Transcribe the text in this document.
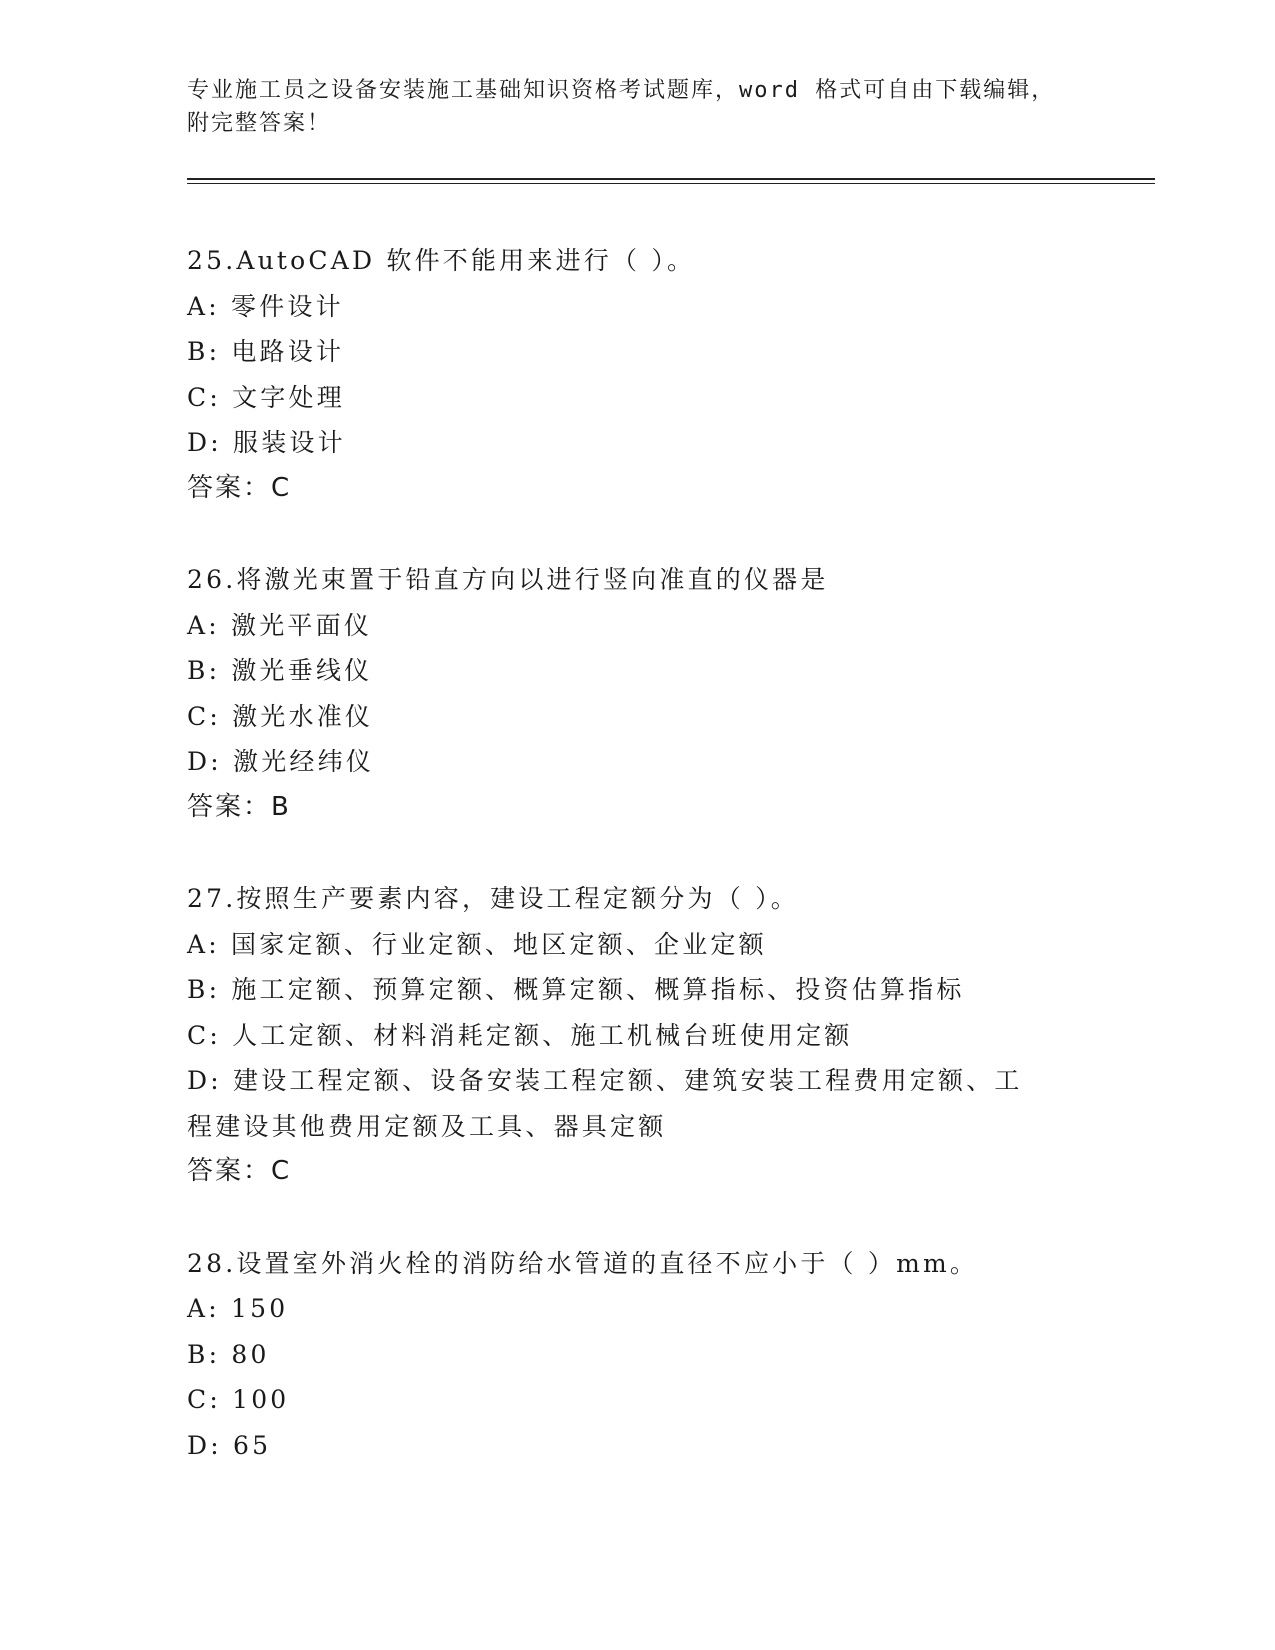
专业施工员之设备安装施工基础知识资格考试题库，word 格式可自由下载编辑，
附完整答案！
25.AutoCAD 软件不能用来进行（ ）。
A: 零件设计
B: 电路设计
C: 文字处理
D: 服装设计
答案：C
26.将激光束置于铅直方向以进行竖向准直的仪器是
A: 激光平面仪
B: 激光垂线仪
C: 激光水准仪
D: 激光经纬仪
答案：B
27.按照生产要素内容，建设工程定额分为（ ）。
A: 国家定额、行业定额、地区定额、企业定额
B: 施工定额、预算定额、概算定额、概算指标、投资估算指标
C: 人工定额、材料消耗定额、施工机械台班使用定额
D: 建设工程定额、设备安装工程定额、建筑安装工程费用定额、工程建设其他费用定额及工具、器具定额
答案：C
28.设置室外消火栓的消防给水管道的直径不应小于（ ）mm。
A: 150
B: 80
C: 100
D: 65
